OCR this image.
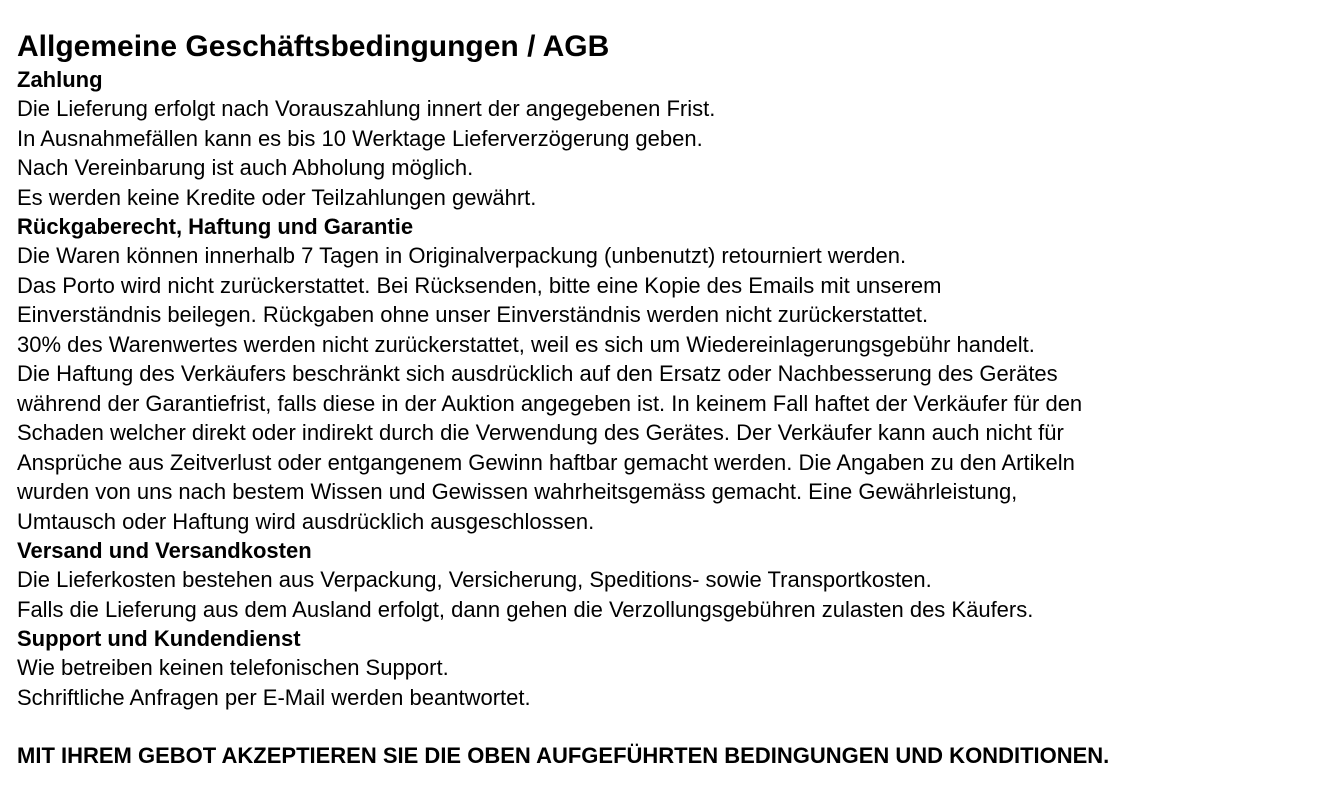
Allgemeine Geschäftsbedingungen / AGB
Zahlung

Die Lieferung erfolgt nach Vorauszahlung innert der angegebenen Frist.

In Ausnahmefällen kann es bis 10 Werktage Lieferverzögerung geben.

Nach Vereinbarung ist auch Abholung möglich.

Es werden keine Kredite oder Teilzahlungen gewährt.

Rückgaberecht, Haftung und Garantie

Die Waren können innerhalb 7 Tagen in Originalverpackung (unbenutzt) retourniert werden.

Das Porto wird nicht zurückerstattet. Bei Rücksenden, bitte eine Kopie des Emails mit unserem

Einverständnis beilegen. Rückgaben ohne unser Einverständnis werden nicht zurückerstattet.

30% des Warenwertes werden nicht zurückerstattet, weil es sich um Wiedereinlagerungsgebühr handelt.

Die Haftung des Verkäufers beschränkt sich ausdrücklich auf den Ersatz oder Nachbesserung des Gerätes

während der Garantiefrist, falls diese in der Auktion angegeben ist. In keinem Fall haftet der Verkäufer für den

Schaden welcher direkt oder indirekt durch die Verwendung des Gerätes. Der Verkäufer kann auch nicht für

Ansprüche aus Zeitverlust oder entgangenem Gewinn haftbar gemacht werden. Die Angaben zu den Artikeln

wurden von uns nach bestem Wissen und Gewissen wahrheitsgemäss gemacht. Eine Gewährleistung,

Umtausch oder Haftung wird ausdrücklich ausgeschlossen.

Versand und Versandkosten

Die Lieferkosten bestehen aus Verpackung, Versicherung, Speditions- sowie Transportkosten.

Falls die Lieferung aus dem Ausland erfolgt, dann gehen die Verzollungsgebühren zulasten des Käufers.

Support und Kundendienst

Wie betreiben keinen telefonischen Support.

Schriftliche Anfragen per E-Mail werden beantwortet.

MIT IHREM GEBOT AKZEPTIEREN SIE DIE OBEN AUFGEFÜHRTEN BEDINGUNGEN UND KONDITIONEN.
